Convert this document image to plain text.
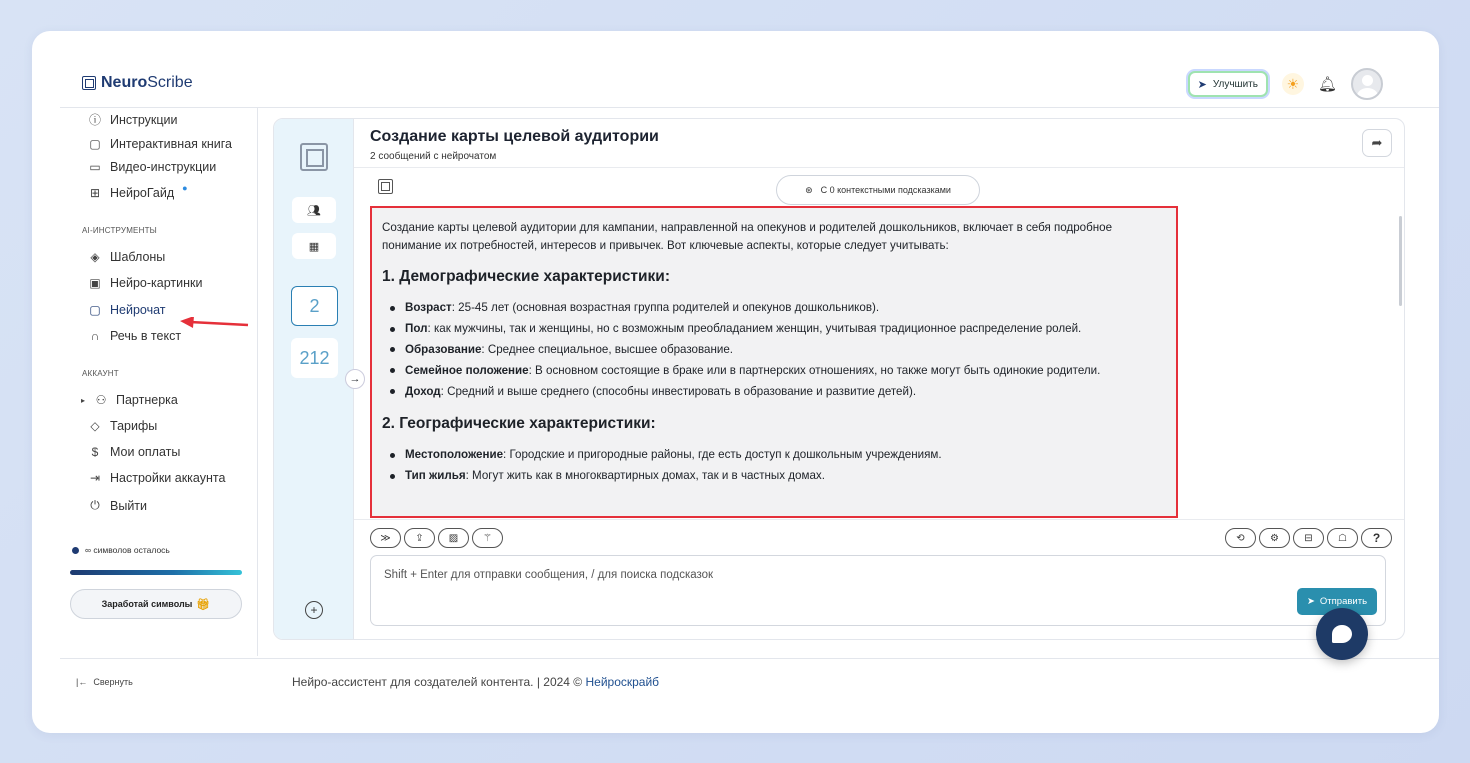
NeuroScribe	➤ Улучшить	☀	🔔︎
ⓘ Инструкции
▢ Интерактивная книга
▭ Видео-инструкции
⊞ НейроГайд ●
AI-ИНСТРУМЕНТЫ
◈ Шаблоны
▣ Нейро-картинки
▢ Нейрочат
∩ Речь в текст
АККАУНТ
▸ ⚇ Партнерка
◇ Тарифы
$ Мои оплаты
⇥ Настройки аккаунта
⏻ Выйти
∞ символов осталось
Заработай символы 🎁︎
|← Свернуть	Нейро-ассистент для создателей контента. | 2024 © Нейроскрайб
👥︎
▦
2
212
+
→
Создание карты целевой аудитории
2 сообщений с нейрочатом
➦
⊛ С 0 контекстными подсказками

Создание карты целевой аудитории для кампании, направленной на опекунов и родителей дошкольников, включает в себя подробное понимание их потребностей, интересов и привычек. Вот ключевые аспекты, которые следует учитывать:

1. Демографические характеристики:
Возраст: 25-45 лет (основная возрастная группа родителей и опекунов дошкольников).
Пол: как мужчины, так и женщины, но с возможным преобладанием женщин, учитывая традиционное распределение ролей.
Образование: Среднее специальное, высшее образование.
Семейное положение: В основном состоящие в браке или в партнерских отношениях, но также могут быть одинокие родители.
Доход: Средний и выше среднего (способны инвестировать в образование и развитие детей).
2. Географические характеристики:
Местоположение: Городские и пригородные районы, где есть доступ к дошкольным учреждениям.
Тип жилья: Могут жить как в многоквартирных домах, так и в частных домах.
≫	⇪	▨	⚚	⟲	⚙	⊟	☖	?
Shift + Enter для отправки сообщения, / для поиска подсказок
➤ Отправить
